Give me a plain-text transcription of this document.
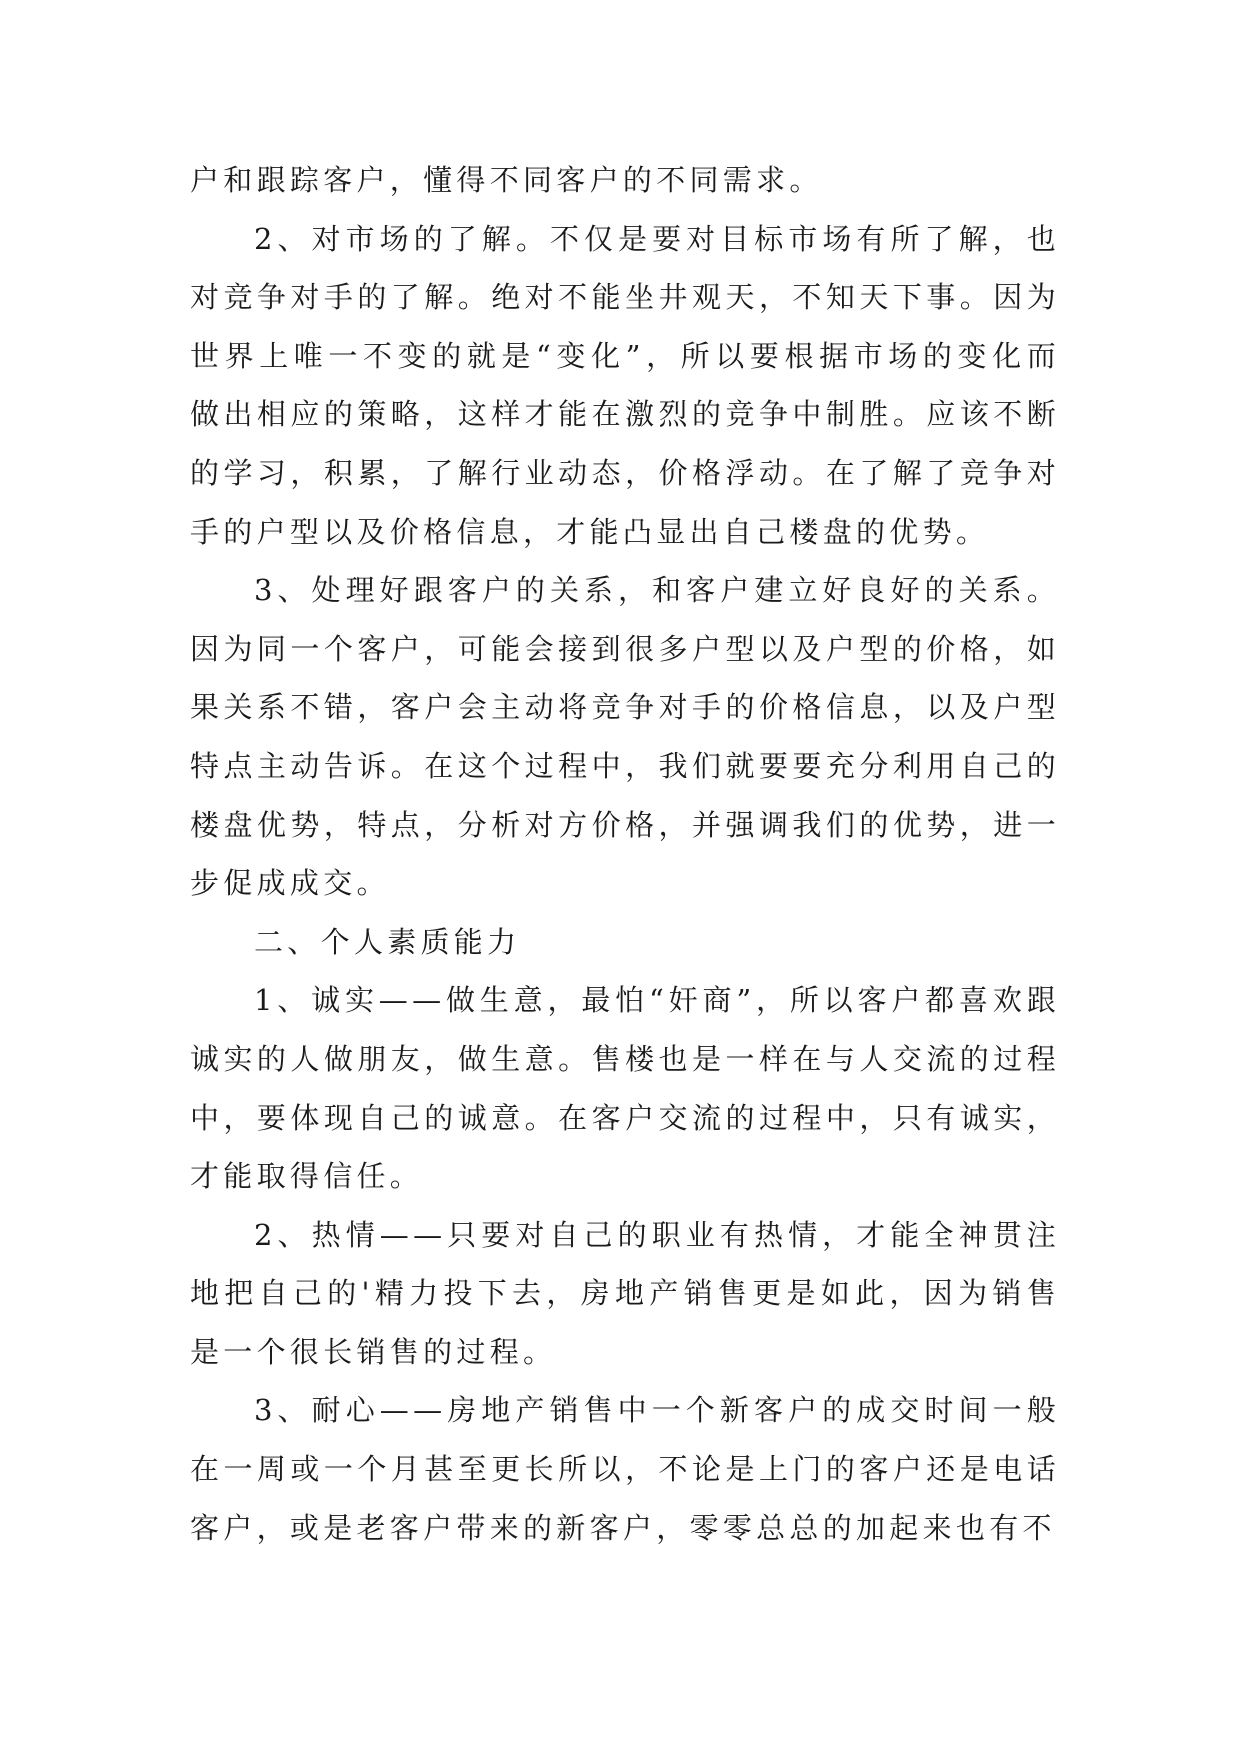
户和跟踪客户，懂得不同客户的不同需求。

2、对市场的了解。不仅是要对目标市场有所了解，也对竞争对手的了解。绝对不能坐井观天，不知天下事。因为世界上唯一不变的就是“变化”，所以要根据市场的变化而做出相应的策略，这样才能在激烈的竞争中制胜。应该不断的学习，积累，了解行业动态，价格浮动。在了解了竞争对手的户型以及价格信息，才能凸显出自己楼盘的优势。

3、处理好跟客户的关系，和客户建立好良好的关系。因为同一个客户，可能会接到很多户型以及户型的价格，如果关系不错，客户会主动将竞争对手的价格信息，以及户型特点主动告诉。在这个过程中，我们就要要充分利用自己的楼盘优势，特点，分析对方价格，并强调我们的优势，进一步促成成交。

二、个人素质能力

1、诚实——做生意，最怕“奸商”，所以客户都喜欢跟诚实的人做朋友，做生意。售楼也是一样在与人交流的过程中，要体现自己的诚意。在客户交流的过程中，只有诚实，才能取得信任。

2、热情——只要对自己的职业有热情，才能全神贯注地把自己的'精力投下去，房地产销售更是如此，因为销售是一个很长销售的过程。

3、耐心——房地产销售中一个新客户的成交时间一般在一周或一个月甚至更长所以，不论是上门的客户还是电话客户，或是老客户带来的新客户，零零总总的加起来也有不
